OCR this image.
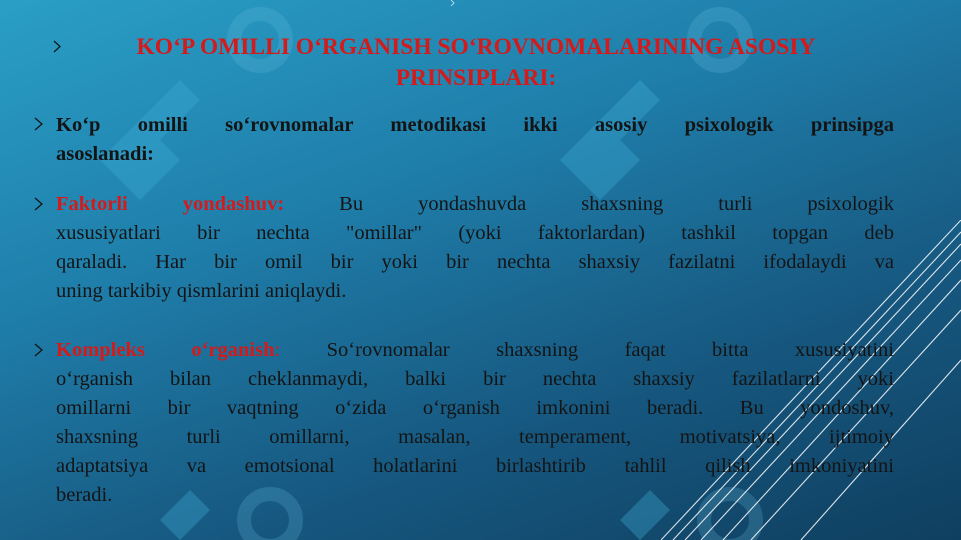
KO‘P OMILLI O‘RGANISH SO‘ROVNOMALARINING ASOSIY
PRINSIPLARI:
Ko‘p omilli so‘rovnomalar metodikasi ikki asosiy psixologik prinsipga
asoslanadi:
Faktorli yondashuv: Bu yondashuvda shaxsning turli psixologik
xususiyatlari bir nechta "omillar" (yoki faktorlardan) tashkil topgan deb
qaraladi. Har bir omil bir yoki bir nechta shaxsiy fazilatni ifodalaydi va
uning tarkibiy qismlarini aniqlaydi.
Kompleks o‘rganish: So‘rovnomalar shaxsning faqat bitta xususiyatini
o‘rganish bilan cheklanmaydi, balki bir nechta shaxsiy fazilatlarni yoki
omillarni bir vaqtning o‘zida o‘rganish imkonini beradi. Bu yondoshuv,
shaxsning turli omillarni, masalan, temperament, motivatsiya, ijtimoiy
adaptatsiya va emotsional holatlarini birlashtirib tahlil qilish imkoniyatini
beradi.
